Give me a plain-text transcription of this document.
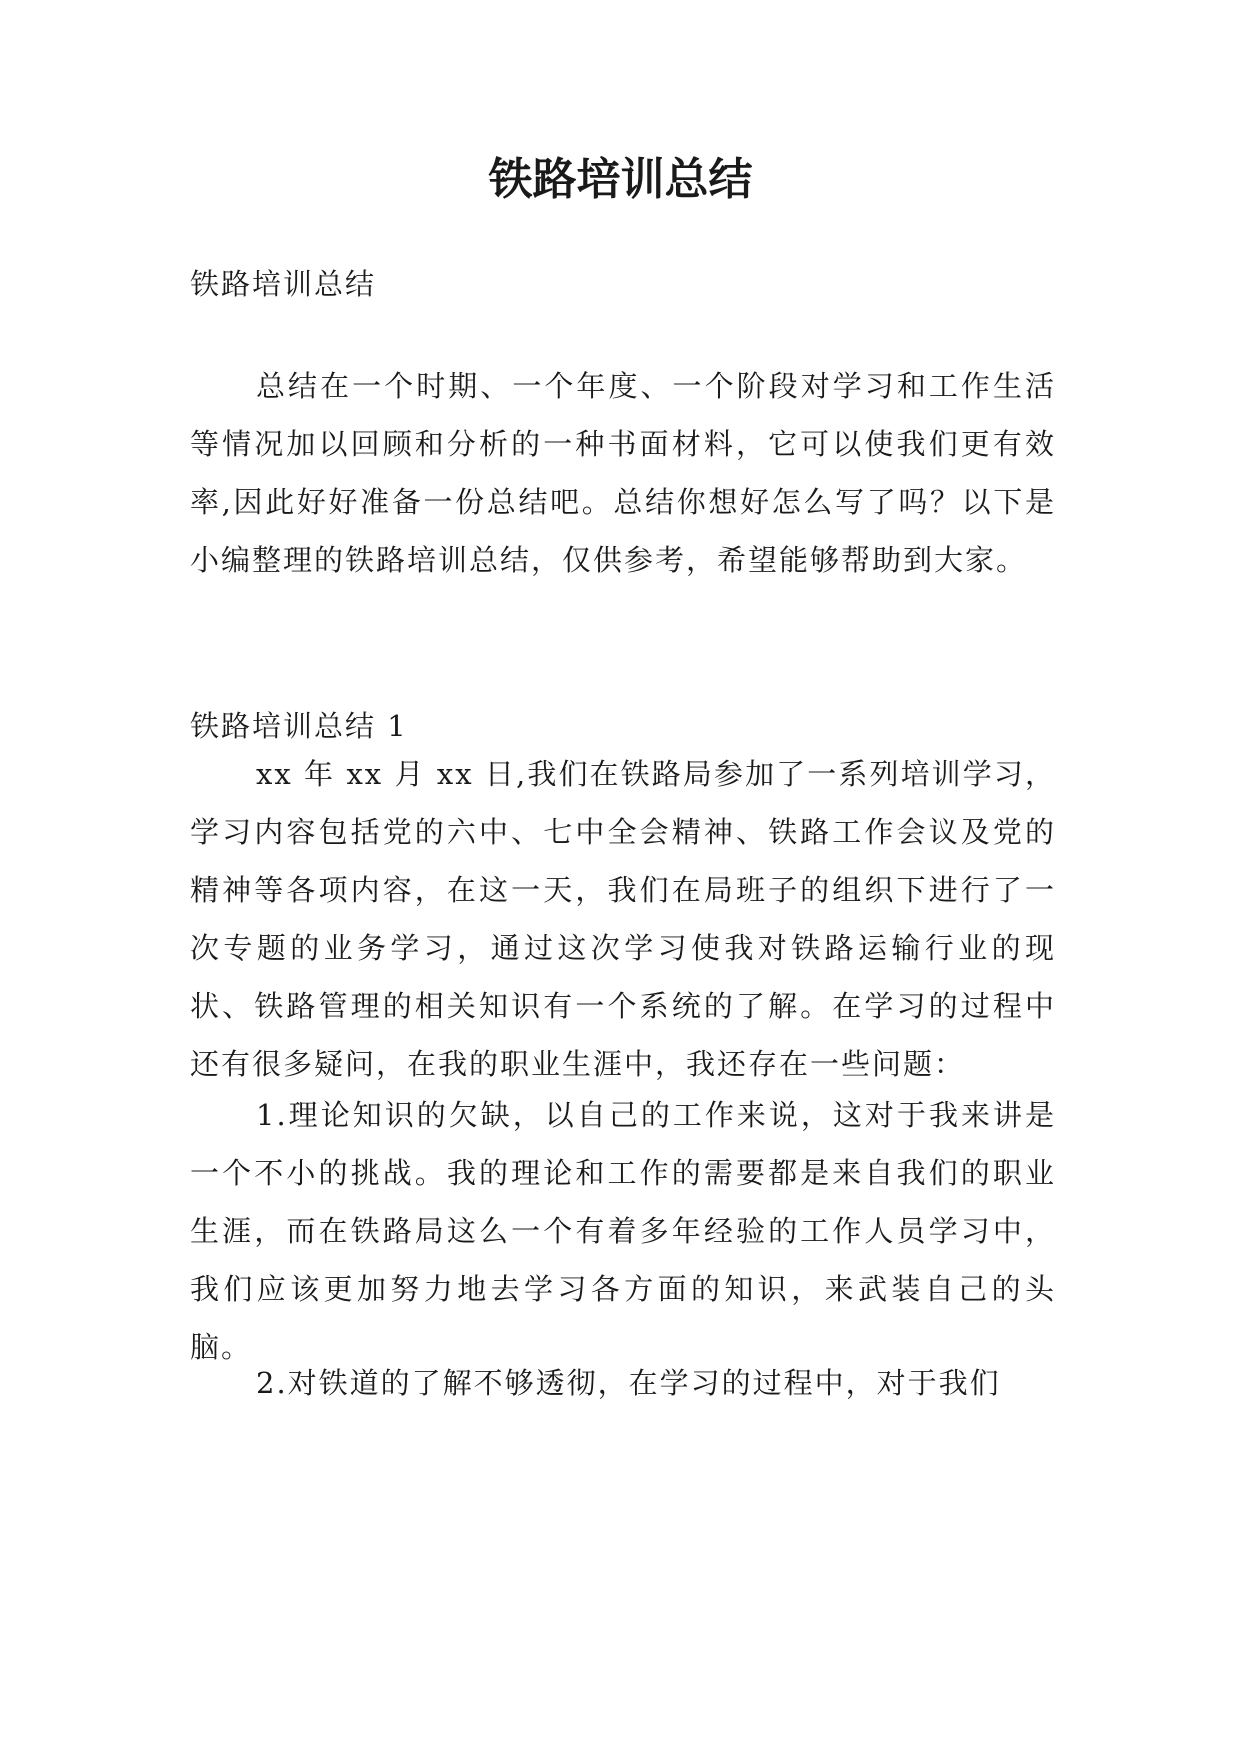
铁路培训总结

铁路培训总结

总结在一个时期、一个年度、一个阶段对学习和工作生活等情况加以回顾和分析的一种书面材料，它可以使我们更有效率,因此好好准备一份总结吧。总结你想好怎么写了吗？以下是小编整理的铁路培训总结，仅供参考，希望能够帮助到大家。

铁路培训总结 1

xx 年 xx 月 xx 日,我们在铁路局参加了一系列培训学习，学习内容包括党的六中、七中全会精神、铁路工作会议及党的精神等各项内容，在这一天，我们在局班子的组织下进行了一次专题的业务学习，通过这次学习使我对铁路运输行业的现状、铁路管理的相关知识有一个系统的了解。在学习的过程中还有很多疑问，在我的职业生涯中，我还存在一些问题：

1.理论知识的欠缺，以自己的工作来说，这对于我来讲是一个不小的挑战。我的理论和工作的需要都是来自我们的职业生涯，而在铁路局这么一个有着多年经验的工作人员学习中，我们应该更加努力地去学习各方面的知识，来武装自己的头脑。

2.对铁道的了解不够透彻，在学习的过程中，对于我们
